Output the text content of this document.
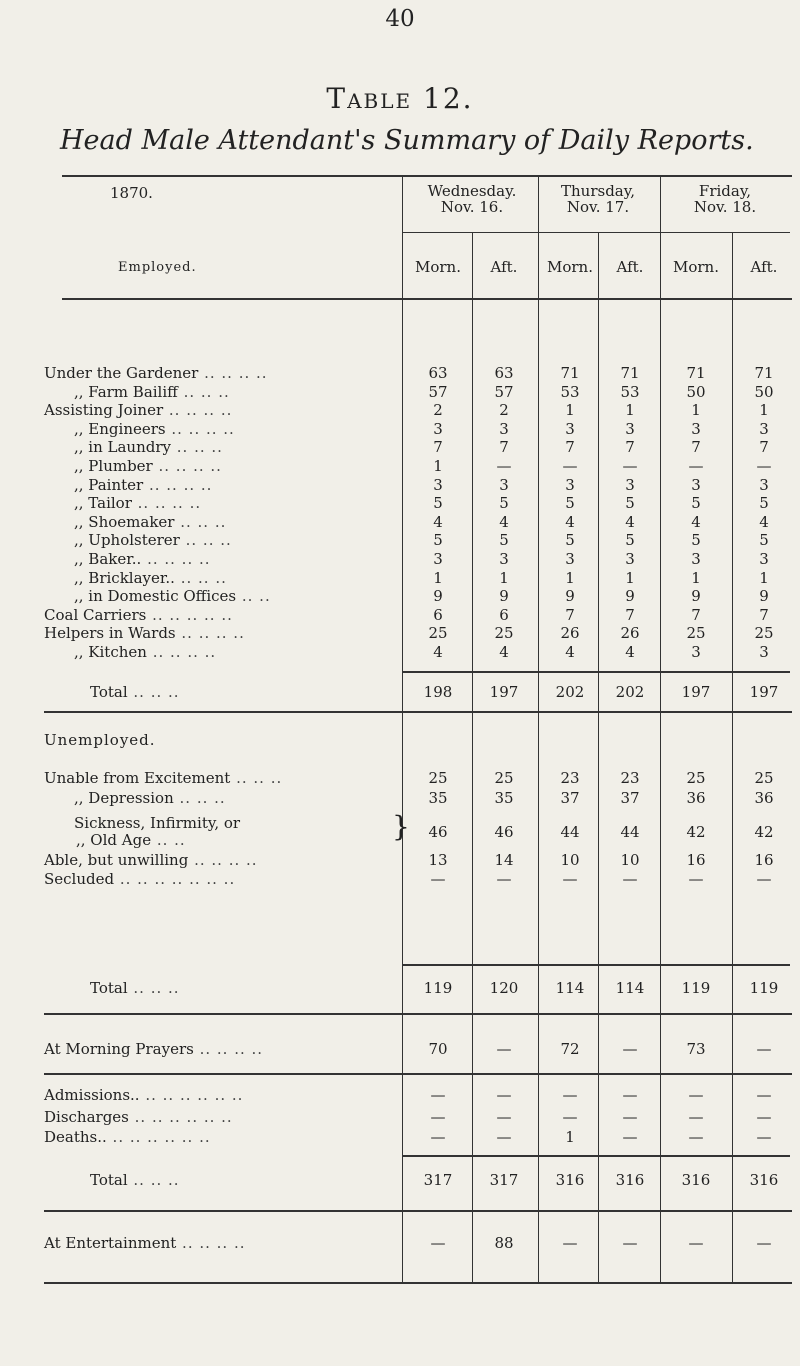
40
Table 12.
Head Male Attendant's Summary of Daily Reports.
1870.
Employed.
Wednesday.
Nov. 16.
Thursday,
Nov. 17.
Friday,
Nov. 18.
Morn.	Aft.	Morn.	Aft.	Morn.	Aft.
Under the Gardener .. .. .. ..	63	63	71	71	71	71
,, Farm Bailiff .. .. ..	57	57	53	53	50	50
Assisting Joiner .. .. .. ..	2	2	1	1	1	1
,, Engineers .. .. .. ..	3	3	3	3	3	3
,, in Laundry .. .. ..	7	7	7	7	7	7
,, Plumber .. .. .. ..	1	—	—	—	—	—
,, Painter .. .. .. ..	3	3	3	3	3	3
,, Tailor .. .. .. ..	5	5	5	5	5	5
,, Shoemaker .. .. ..	4	4	4	4	4	4
,, Upholsterer .. .. ..	5	5	5	5	5	5
,, Baker.. .. .. .. ..	3	3	3	3	3	3
,, Bricklayer.. .. .. ..	1	1	1	1	1	1
,, in Domestic Offices .. ..	9	9	9	9	9	9
Coal Carriers .. .. .. .. ..	6	6	7	7	7	7
Helpers in Wards .. .. .. ..	25	25	26	26	25	25
,, Kitchen .. .. .. ..	4	4	4	4	3	3
Total .. .. ..	198	197	202	202	197	197
Unable from Excitement .. .. ..	25	25	23	23	25	25
,, Depression .. .. ..	35	35	37	37	36	36
Sickness, Infirmity, or
,, Old Age .. ..	}	46	46	44	44	42	42
Able, but unwilling .. .. .. ..	13	14	10	10	16	16
Secluded .. .. .. .. .. .. ..	—	—	—	—	—	—
Total .. .. ..	119	120	114	114	119	119
At Morning Prayers .. .. .. ..	70	—	72	—	73	—
Admissions.. .. .. .. .. .. ..	—	—	—	—	—	—
Discharges .. .. .. .. .. ..	—	—	—	—	—	—
Deaths.. .. .. .. .. .. ..	—	—	1	—	—	—
Total .. .. ..	317	317	316	316	316	316
At Entertainment .. .. .. ..	—	88	—	—	—	—
Unemployed.
